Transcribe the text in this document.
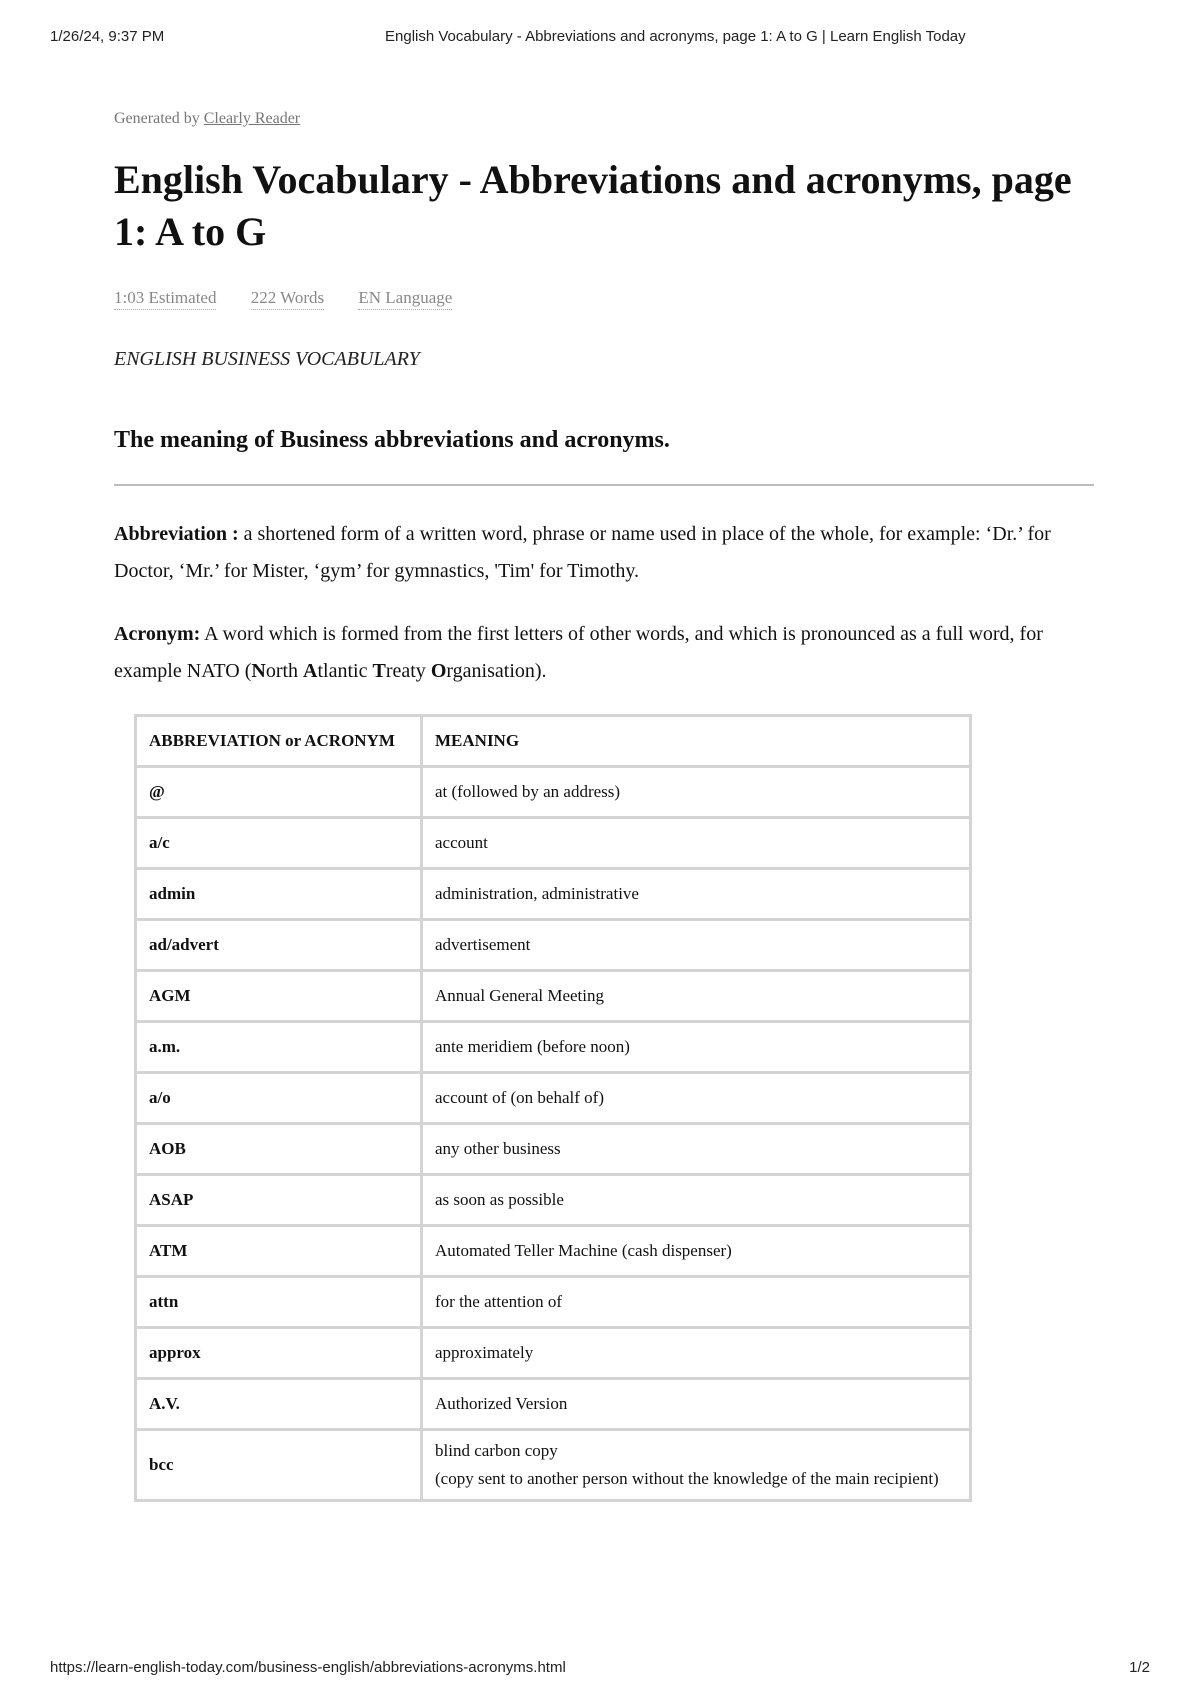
1/26/24, 9:37 PM	English Vocabulary - Abbreviations and acronyms, page 1: A to G | Learn English Today
Generated by Clearly Reader
English Vocabulary - Abbreviations and acronyms, page 1: A to G
1:03 Estimated 222 Words EN Language
ENGLISH BUSINESS VOCABULARY
The meaning of Business abbreviations and acronyms.

Abbreviation : a shortened form of a written word, phrase or name used in place of the whole, for example: ‘Dr.’ for Doctor, ‘Mr.’ for Mister, ‘gym’ for gymnastics, 'Tim' for Timothy.

Acronym: A word which is formed from the first letters of other words, and which is pronounced as a full word, for example NATO (North Atlantic Treaty Organisation).

ABBREVIATION or ACRONYM	MEANING
@	at (followed by an address)
a/c	account
admin	administration, administrative
ad/advert	advertisement
AGM	Annual General Meeting
a.m.	ante meridiem (before noon)
a/o	account of (on behalf of)
AOB	any other business
ASAP	as soon as possible
ATM	Automated Teller Machine (cash dispenser)
attn	for the attention of
approx	approximately
A.V.	Authorized Version
bcc	blind carbon copy
(copy sent to another person without the knowledge of the main recipient)
https://learn-english-today.com/business-english/abbreviations-acronyms.html	1/2
